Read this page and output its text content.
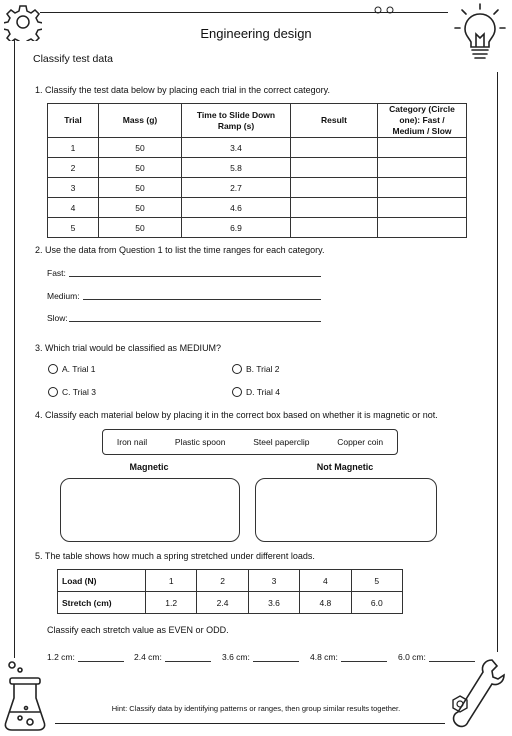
Engineering design
Classify test data
1. Classify the test data below by placing each trial in the correct category.
Trial	Mass (g)	Time to Slide Down Ramp (s)	Result	Category (Circle one): Fast / Medium / Slow
1	50	3.4		
2	50	5.8		
3	50	2.7		
4	50	4.6		
5	50	6.9		
2. Use the data from Question 1 to list the time ranges for each category.
Fast:
Medium:
Slow:
3. Which trial would be classified as MEDIUM?
A. Trial 1	B. Trial 2
C. Trial 3	D. Trial 4
4. Classify each material below by placing it in the correct box based on whether it is magnetic or not.
Iron nail	Plastic spoon	Steel paperclip	Copper coin
Magnetic	Not Magnetic
5. The table shows how much a spring stretched under different loads.
Load (N)	1	2	3	4	5
Stretch (cm)	1.2	2.4	3.6	4.8	6.0
Classify each stretch value as EVEN or ODD.
1.2 cm:	2.4 cm:	3.6 cm:	4.8 cm:	6.0 cm:
Hint: Classify data by identifying patterns or ranges, then group similar results together.
